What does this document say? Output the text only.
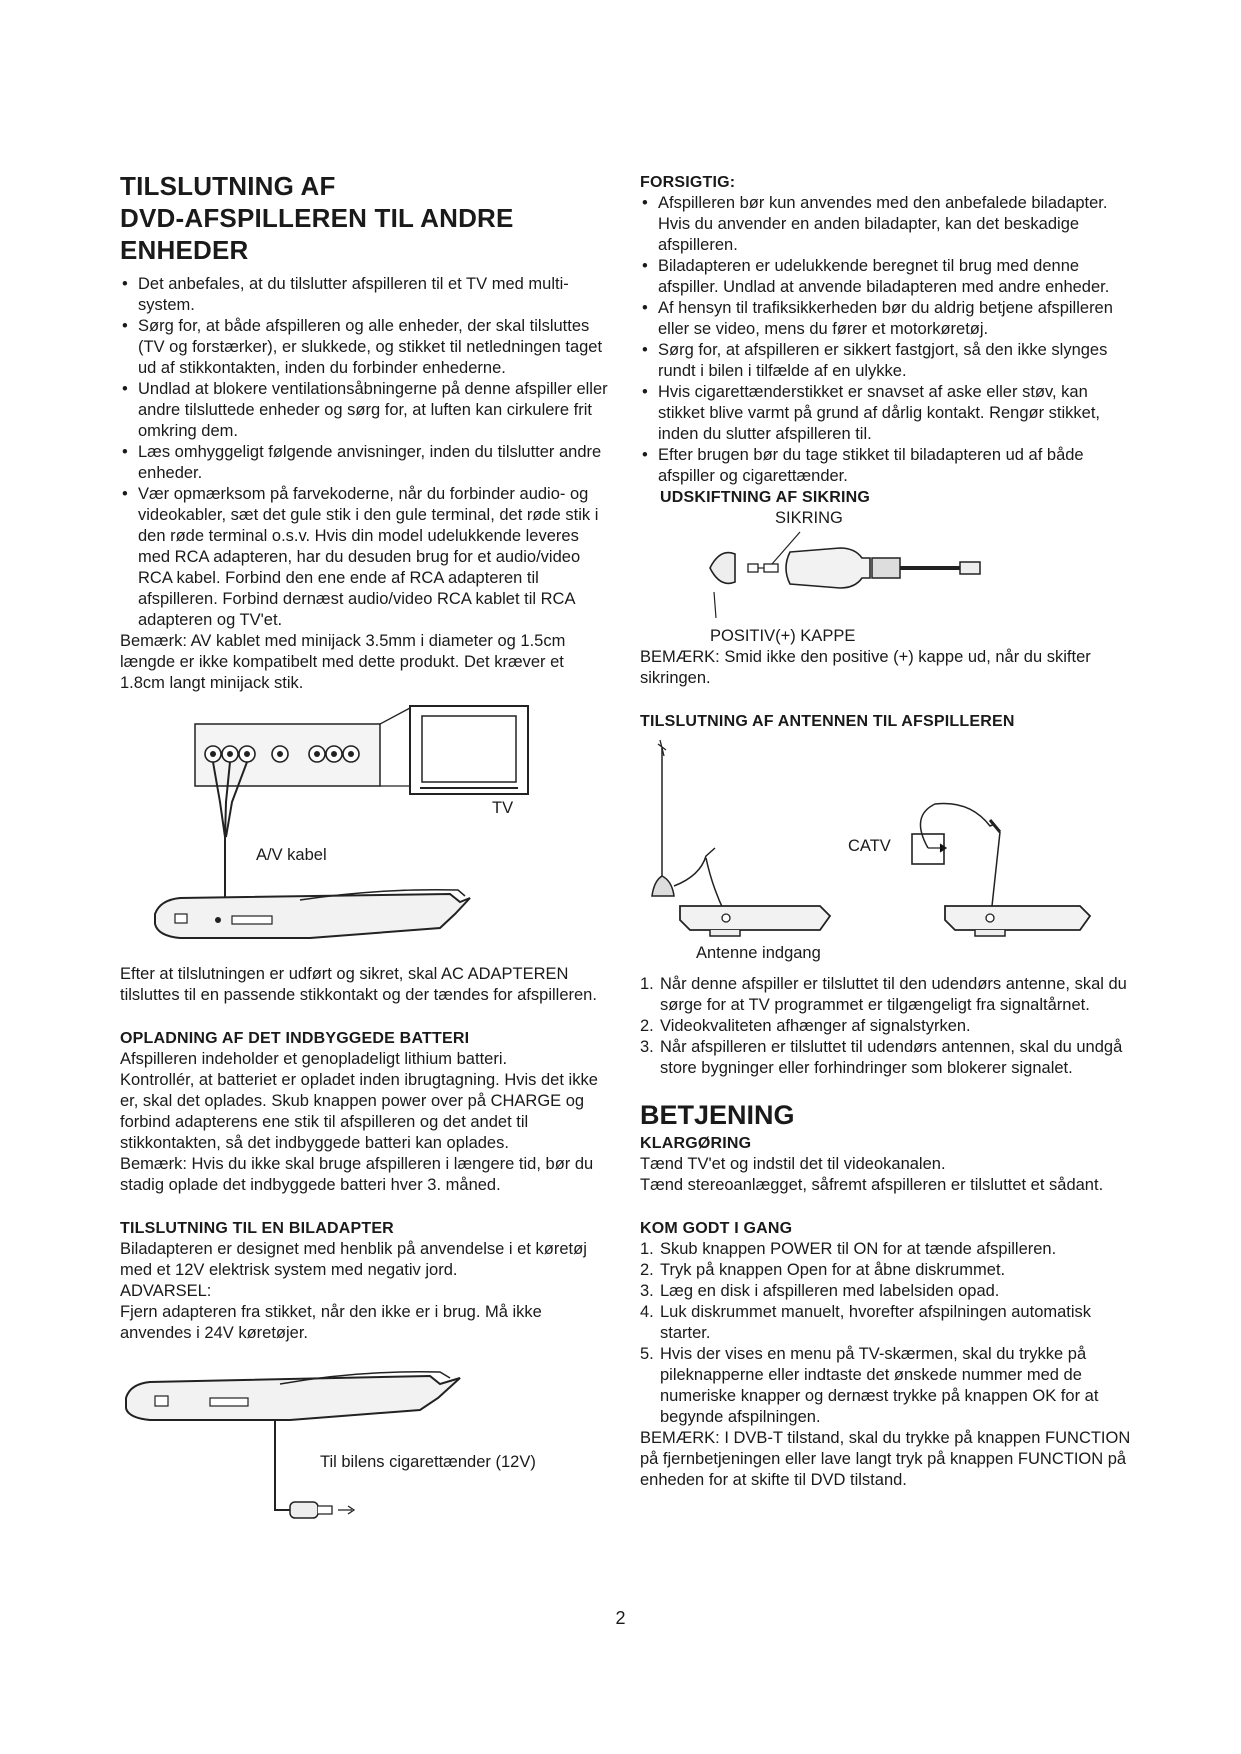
TILSLUTNING AF
DVD-AFSPILLEREN TIL ANDRE
ENHEDER
• Det anbefales, at du tilslutter afspilleren til et TV med multi-system.
• Sørg for, at både afspilleren og alle enheder, der skal tilsluttes (TV og forstærker), er slukkede, og stikket til netledningen taget ud af stikkontakten, inden du forbinder enhederne.
• Undlad at blokere ventilationsåbningerne på denne afspiller eller andre tilsluttede enheder og sørg for, at luften kan cirkulere frit omkring dem.
• Læs omhyggeligt følgende anvisninger, inden du tilslutter andre enheder.
• Vær opmærksom på farvekoderne, når du forbinder audio- og videokabler, sæt det gule stik i den gule terminal, det røde stik i den røde terminal o.s.v. Hvis din model udelukkende leveres med RCA adapteren, har du desuden brug for et audio/video RCA kabel. Forbind den ene ende af RCA adapteren til afspilleren. Forbind dernæst audio/video RCA kablet til RCA adapteren og TV'et.

Bemærk: AV kablet med minijack 3.5mm i diameter og 1.5cm længde er ikke kompatibelt med dette produkt. Det kræver et 1.8cm langt minijack stik.

TV
A/V kabel

Efter at tilslutningen er udført og sikret, skal AC ADAPTEREN tilsluttes til en passende stikkontakt og der tændes for afspilleren.

OPLADNING AF DET INDBYGGEDE BATTERI

Afspilleren indeholder et genopladeligt lithium batteri.

Kontrollér, at batteriet er opladet inden ibrugtagning. Hvis det ikke er, skal det oplades. Skub knappen power over på CHARGE og forbind adapterens ene stik til afspilleren og det andet til stikkontakten, så det indbyggede batteri kan oplades.

Bemærk: Hvis du ikke skal bruge afspilleren i længere tid, bør du stadig oplade det indbyggede batteri hver 3. måned.

TILSLUTNING TIL EN BILADAPTER

Biladapteren er designet med henblik på anvendelse i et køretøj med et 12V elektrisk system med negativ jord.

ADVARSEL:

Fjern adapteren fra stikket, når den ikke er i brug. Må ikke anvendes i 24V køretøjer.

Til bilens cigarettænder (12V)
FORSIGTIG:
• Afspilleren bør kun anvendes med den anbefalede biladapter. Hvis du anvender en anden biladapter, kan det beskadige afspilleren.
• Biladapteren er udelukkende beregnet til brug med denne afspiller. Undlad at anvende biladapteren med andre enheder.
• Af hensyn til trafiksikkerheden bør du aldrig betjene afspilleren eller se video, mens du fører et motorkøretøj.
• Sørg for, at afspilleren er sikkert fastgjort, så den ikke slynges rundt i bilen i tilfælde af en ulykke.
• Hvis cigarettænderstikket er snavset af aske eller støv, kan stikket blive varmt på grund af dårlig kontakt. Rengør stikket, inden du slutter afspilleren til.
• Efter brugen bør du tage stikket til biladapteren ud af både afspiller og cigarettænder.
UDSKIFTNING AF SIKRING
SIKRING
POSITIV(+) KAPPE

BEMÆRK: Smid ikke den positive (+) kappe ud, når du skifter sikringen.

TILSLUTNING AF ANTENNEN TIL AFSPILLEREN
CATV
Antenne indgang
1. Når denne afspiller er tilsluttet til den udendørs antenne, skal du sørge for at TV programmet er tilgængeligt fra signaltårnet.
2. Videokvaliteten afhænger af signalstyrken.
3. Når afspilleren er tilsluttet til udendørs antennen, skal du undgå store bygninger eller forhindringer som blokerer signalet.
BETJENING
KLARGØRING

Tænd TV'et og indstil det til videokanalen.

Tænd stereoanlægget, såfremt afspilleren er tilsluttet et sådant.

KOM GODT I GANG
1. Skub knappen POWER til ON for at tænde afspilleren.
2. Tryk på knappen Open for at åbne diskrummet.
3. Læg en disk i afspilleren med labelsiden opad.
4. Luk diskrummet manuelt, hvorefter afspilningen automatisk starter.
5. Hvis der vises en menu på TV-skærmen, skal du trykke på pileknapperne eller indtaste det ønskede nummer med de numeriske knapper og dernæst trykke på knappen OK for at begynde afspilningen.

BEMÆRK: I DVB-T tilstand, skal du trykke på knappen FUNCTION på fjernbetjeningen eller lave langt tryk på knappen FUNCTION på enheden for at skifte til DVD tilstand.

2
